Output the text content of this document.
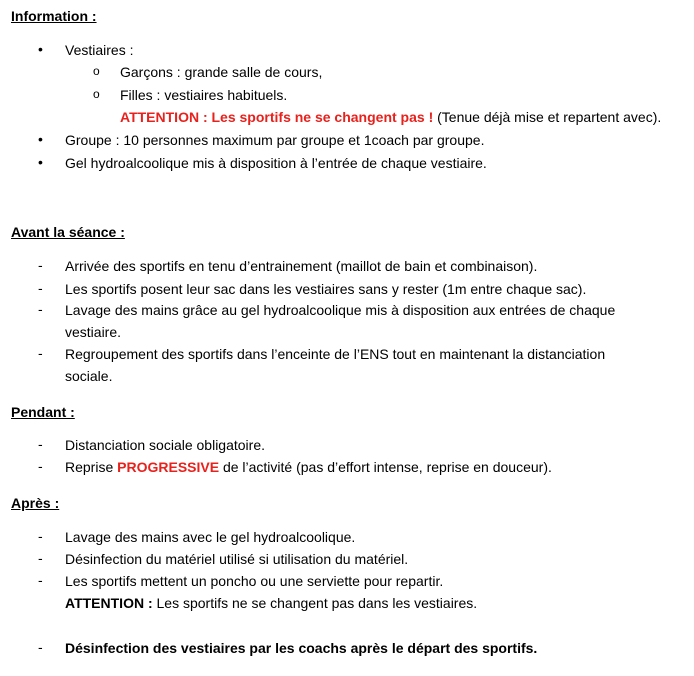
Information :
• Vestiaires :
o Garçons : grande salle de cours,
o Filles : vestiaires habituels.
ATTENTION : Les sportifs ne se changent pas ! (Tenue déjà mise et repartent avec).
• Groupe : 10 personnes maximum par groupe et 1coach par groupe.
• Gel hydroalcoolique mis à disposition à l’entrée de chaque vestiaire.
Avant la séance :
- Arrivée des sportifs en tenu d’entrainement (maillot de bain et combinaison).
- Les sportifs posent leur sac dans les vestiaires sans y rester (1m entre chaque sac).
- Lavage des mains grâce au gel hydroalcoolique mis à disposition aux entrées de chaque
vestiaire.
- Regroupement des sportifs dans l’enceinte de l’ENS tout en maintenant la distanciation
sociale.
Pendant :
- Distanciation sociale obligatoire.
- Reprise PROGRESSIVE de l’activité (pas d’effort intense, reprise en douceur).
Après :
- Lavage des mains avec le gel hydroalcoolique.
- Désinfection du matériel utilisé si utilisation du matériel.
- Les sportifs mettent un poncho ou une serviette pour repartir.
ATTENTION : Les sportifs ne se changent pas dans les vestiaires.
- Désinfection des vestiaires par les coachs après le départ des sportifs.
